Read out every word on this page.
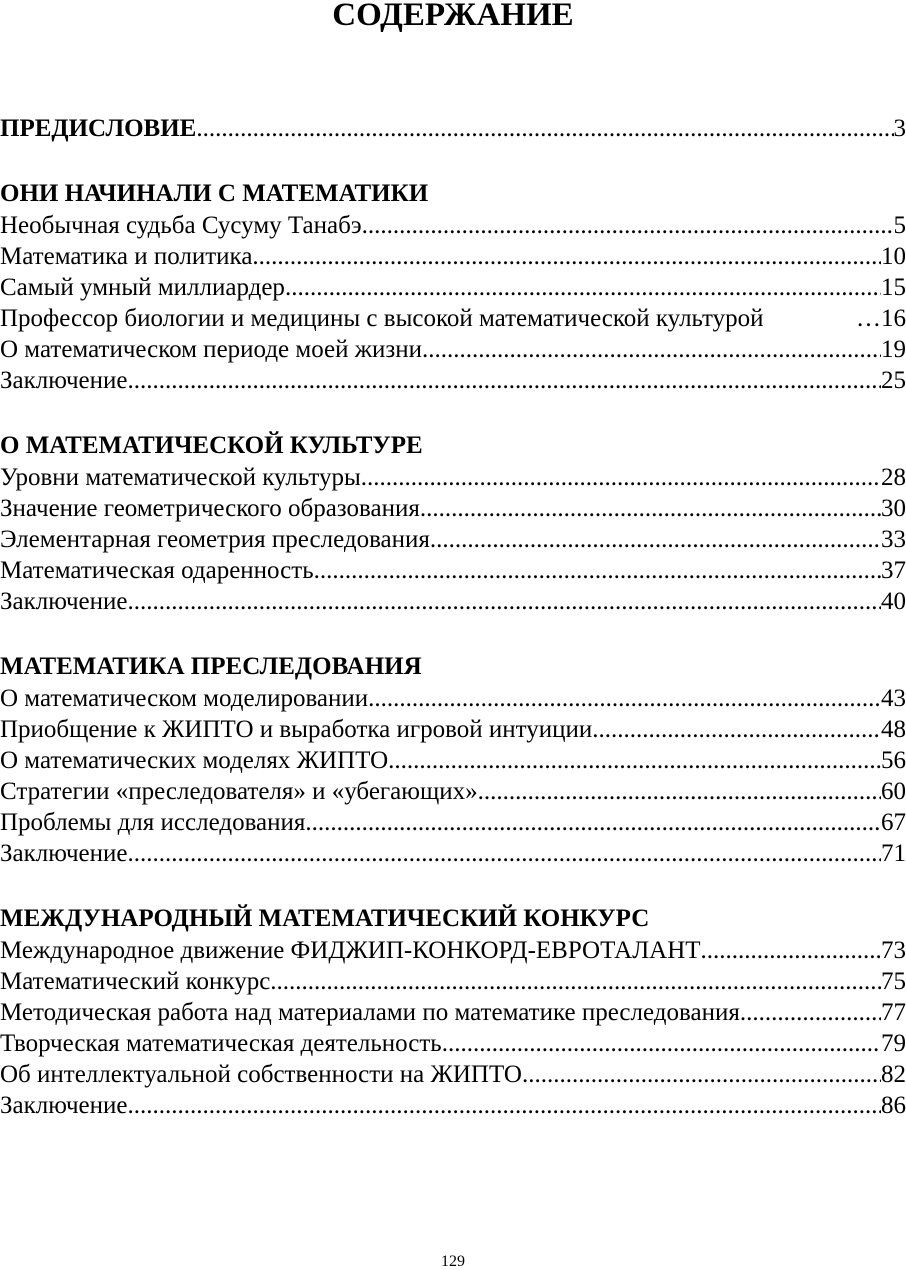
СОДЕРЖАНИЕ
ПРЕДИСЛОВИЕ .....	3
ОНИ НАЧИНАЛИ С МАТЕМАТИКИ
Необычная судьба Сусуму Танабэ .....	5
Математика и политика .....	10
Самый умный миллиардер .....	15
Профессор биологии и медицины с высокой математической культурой …	16
О математическом периоде моей жизни .....	19
Заключение .....	25
О МАТЕМАТИЧЕСКОЙ КУЛЬТУРЕ
Уровни математической культуры .....	28
Значение геометрического образования .....	30
Элементарная геометрия преследования .....	33
Математическая одаренность .....	37
Заключение .....	40
МАТЕМАТИКА ПРЕСЛЕДОВАНИЯ
О математическом моделировании .....	43
Приобщение к ЖИПТО и выработка игровой интуиции .....	48
О математических моделях ЖИПТО .....	56
Стратегии «преследователя» и «убегающих» .....	60
Проблемы для исследования .....	67
Заключение .....	71
МЕЖДУНАРОДНЫЙ МАТЕМАТИЧЕСКИЙ КОНКУРС
Международное движение ФИДЖИП-КОНКОРД-ЕВРОТАЛАНТ .....	73
Математический конкурс .....	75
Методическая работа над материалами по математике преследования .....	77
Творческая математическая деятельность .....	79
Об интеллектуальной собственности на ЖИПТО .....	82
Заключение .....	86
129
